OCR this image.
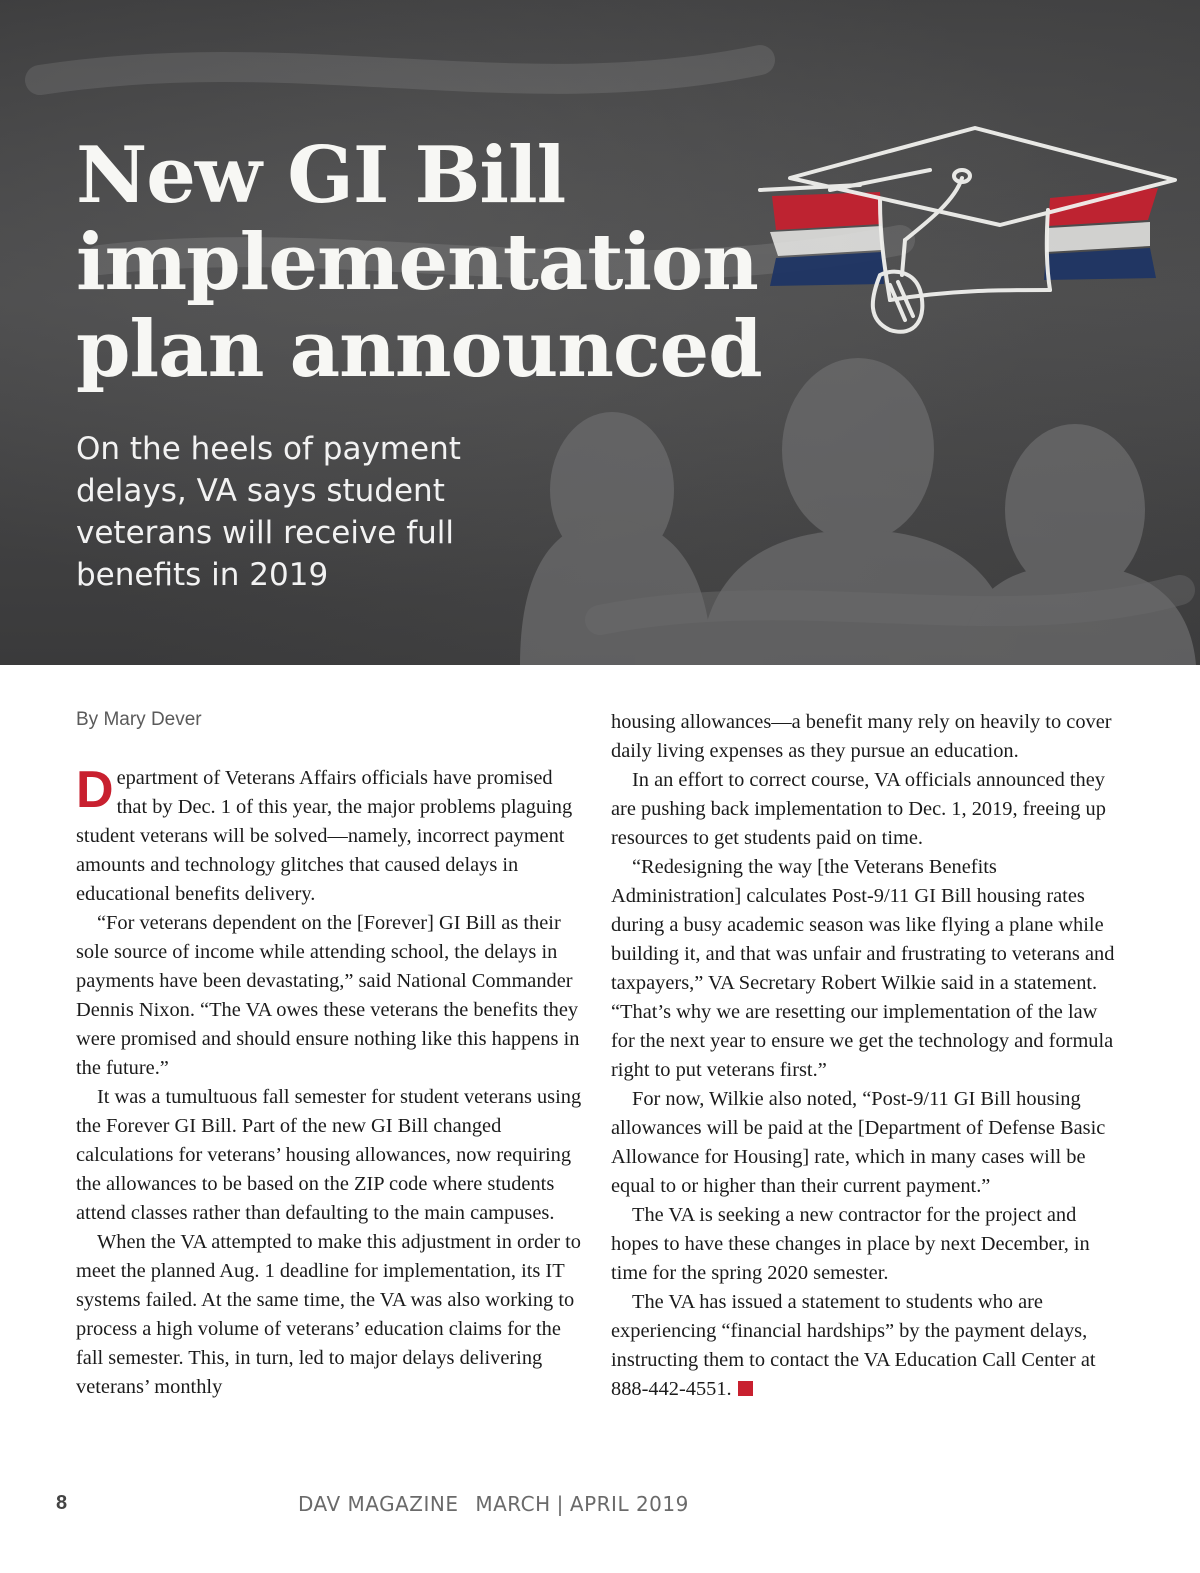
New GI Bill
implementation
plan announced

On the heels of payment delays, VA says student veterans will receive full benefits in 2019

By Mary Dever

Department of Veterans Affairs officials have promised that by Dec. 1 of this year, the major problems plaguing student veterans will be solved—namely, incorrect payment amounts and technology glitches that caused delays in educational benefits delivery.

“For veterans dependent on the [Forever] GI Bill as their sole source of income while attending school, the delays in payments have been devastating,” said National Commander Dennis Nixon. “The VA owes these veterans the benefits they were promised and should ensure nothing like this happens in the future.”

It was a tumultuous fall semester for student veterans using the Forever GI Bill. Part of the new GI Bill changed calculations for veterans’ housing allowances, now requiring the allowances to be based on the ZIP code where students attend classes rather than defaulting to the main campuses.

When the VA attempted to make this adjustment in order to meet the planned Aug. 1 deadline for implementation, its IT systems failed. At the same time, the VA was also working to process a high volume of veterans’ education claims for the fall semester. This, in turn, led to major delays delivering veterans’ monthly

housing allowances—a benefit many rely on heavily to cover daily living expenses as they pursue an education.

In an effort to correct course, VA officials announced they are pushing back implementation to Dec. 1, 2019, freeing up resources to get students paid on time.

“Redesigning the way [the Veterans Benefits Administration] calculates Post-9/11 GI Bill housing rates during a busy academic season was like flying a plane while building it, and that was unfair and frustrating to veterans and taxpayers,” VA Secretary Robert Wilkie said in a statement. “That’s why we are resetting our implementation of the law for the next year to ensure we get the technology and formula right to put veterans first.”

For now, Wilkie also noted, “Post-9/11 GI Bill housing allowances will be paid at the [Department of Defense Basic Allowance for Housing] rate, which in many cases will be equal to or higher than their current payment.”

The VA is seeking a new contractor for the project and hopes to have these changes in place by next December, in time for the spring 2020 semester.

The VA has issued a statement to students who are experiencing “financial hardships” by the payment delays, instructing them to contact the VA Education Call Center at 888-442-4551.

8	DAV MAGAZINE MARCH | APRIL 2019
